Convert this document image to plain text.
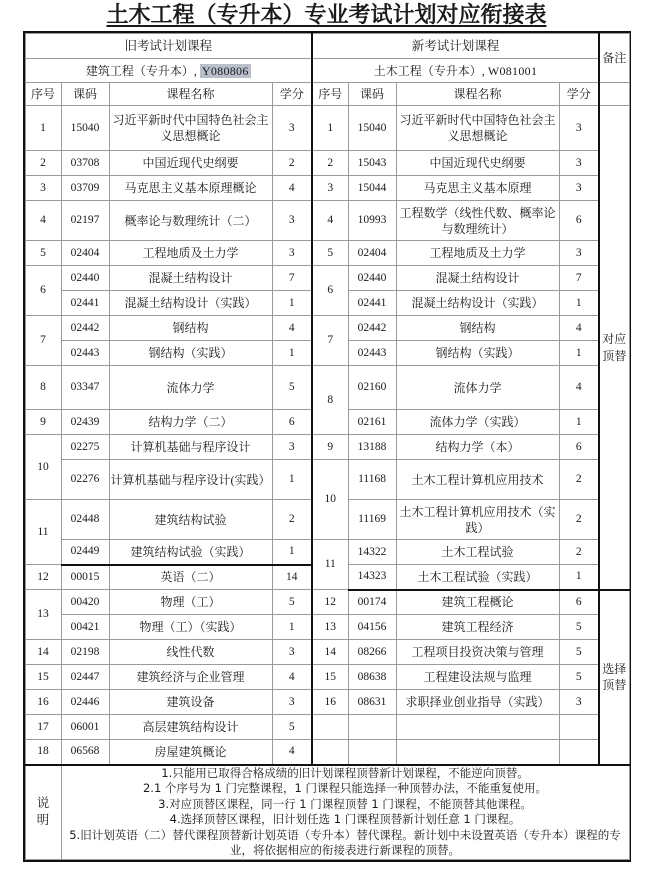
土木工程（专升本）专业考试计划对应衔接表
旧考试计划课程				新考试计划课程				备注
建筑工程（专升本）, Y080806				土木工程（专升本）, W081001				
序号	课码	课程名称	学分	序号	课码	课程名称	学分	
1	15040	习近平新时代中国特色社会主义思想概论	3	1	15040	习近平新时代中国特色社会主义思想概论	3	对应
顶替

2	03708	中国近现代史纲要	2	2	15043	中国近现代史纲要	3	
3	03709	马克思主义基本原理概论	4	3	15044	马克思主义基本原理	3	
4	02197	概率论与数理统计（二）	3	4	10993	工程数学（线性代数、概率论与数理统计）	6	
5	02404	工程地质及土力学	3	5	02404	工程地质及土力学	3	
6	02440	混凝土结构设计	7	6	02440	混凝土结构设计	7	
	02441	混凝土结构设计（实践）	1		02441	混凝土结构设计（实践）	1	
7	02442	钢结构	4	7	02442	钢结构	4	
	02443	钢结构（实践）	1		02443	钢结构（实践）	1	
8	03347	流体力学	5	8	02160	流体力学	4	
9	02439	结构力学（二）	6		02161	流体力学（实践）	1	
10	02275	计算机基础与程序设计	3	9	13188	结构力学（本）	6	
	02276	计算机基础与程序设计(实践）	1	10	11168	土木工程计算机应用技术	2	
11	02448	建筑结构试验	2		11169	土木工程计算机应用技术（实践）	2	
	02449	建筑结构试验（实践）	1	11	14322	土木工程试验	2	
12	00015	英语（二）	14		14323	土木工程试验（实践）	1	
13	00420	物理（工）	5	12	00174	建筑工程概论	6	选择
顶替

	00421	物理（工）（实践）	1	13	04156	建筑工程经济	5	
14	02198	线性代数	3	14	08266	工程项目投资决策与管理	5	
15	02447	建筑经济与企业管理	4	15	08638	工程建设法规与监理	5	
16	02446	建筑设备	3	16	08631	求职择业创业指导（实践）	3	
17	06001	高层建筑结构设计	5					
18	06568	房屋建筑概论	4					

说
明

1.只能用已取得合格成绩的旧计划课程顶替新计划课程，不能逆向顶替。
2.1 个序号为 1 门完整课程，1 门课程只能选择一种顶替办法，不能重复使用。
3.对应顶替区课程，同一行 1 门课程顶替 1 门课程，不能顶替其他课程。
4.选择顶替区课程，旧计划任选 1 门课程顶替新计划任意 1 门课程。
5.旧计划英语（二）替代课程顶替新计划英语（专升本）替代课程。新计划中未设置英语（专升本）课程的专业，将依据相应的衔接表进行新课程的顶替。
